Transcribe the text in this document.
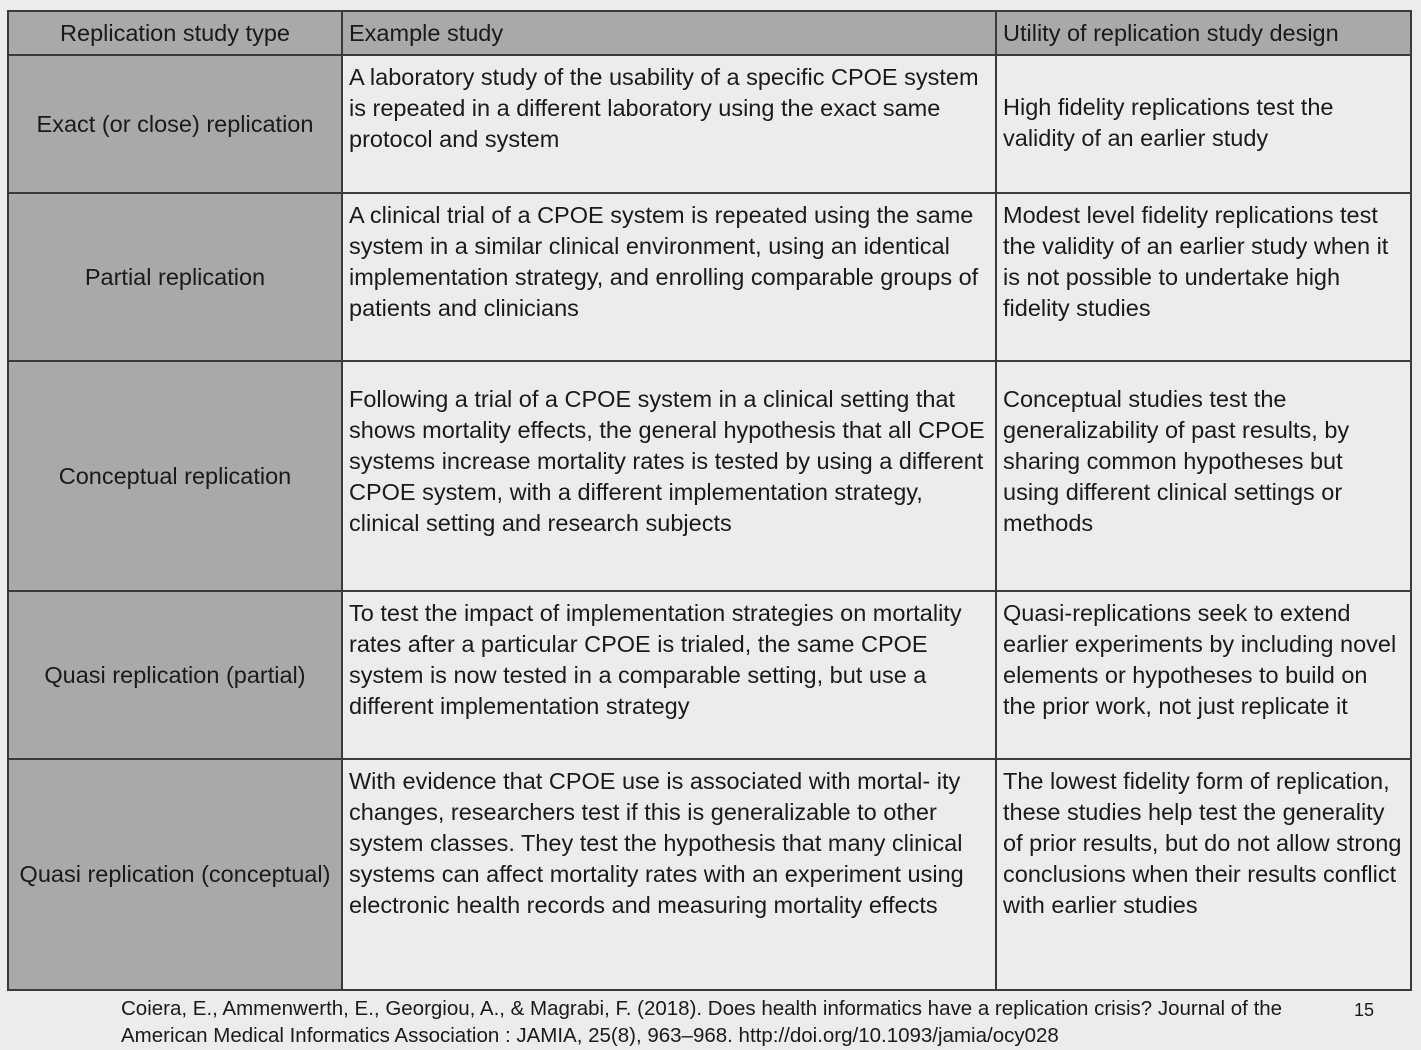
Replication study type	Example study	Utility of replication study design
Exact (or close) replication	A laboratory study of the usability of a specific CPOE system is repeated in a different laboratory using the exact same protocol and system	High fidelity replications test the validity of an earlier study
Partial replication	A clinical trial of a CPOE system is repeated using the same system in a similar clinical environment, using an identical implementation strategy, and enrolling comparable groups of patients and clinicians	Modest level fidelity replications test the validity of an earlier study when it is not possible to undertake high fidelity studies
Conceptual replication	Following a trial of a CPOE system in a clinical setting that shows mortality effects, the general hypothesis that all CPOE systems increase mortality rates is tested by using a different CPOE system, with a different implementation strategy, clinical setting and research subjects	Conceptual studies test the generalizability of past results, by sharing common hypotheses but using different clinical settings or methods
Quasi replication (partial)	To test the impact of implementation strategies on mortality rates after a particular CPOE is trialed, the same CPOE system is now tested in a comparable setting, but use a different implementation strategy	Quasi-replications seek to extend earlier experiments by including novel elements or hypotheses to build on the prior work, not just replicate it
Quasi replication (conceptual)	With evidence that CPOE use is associated with mortal- ity changes, researchers test if this is generalizable to other system classes. They test the hypothesis that many clinical systems can affect mortality rates with an experiment using electronic health records and measuring mortality effects	The lowest fidelity form of replication, these studies help test the generality of prior results, but do not allow strong conclusions when their results conflict with earlier studies
Coiera, E., Ammenwerth, E., Georgiou, A., & Magrabi, F. (2018). Does health informatics have a replication crisis? Journal of the American Medical Informatics Association : JAMIA, 25(8), 963–968. http://doi.org/10.1093/jamia/ocy028
15
